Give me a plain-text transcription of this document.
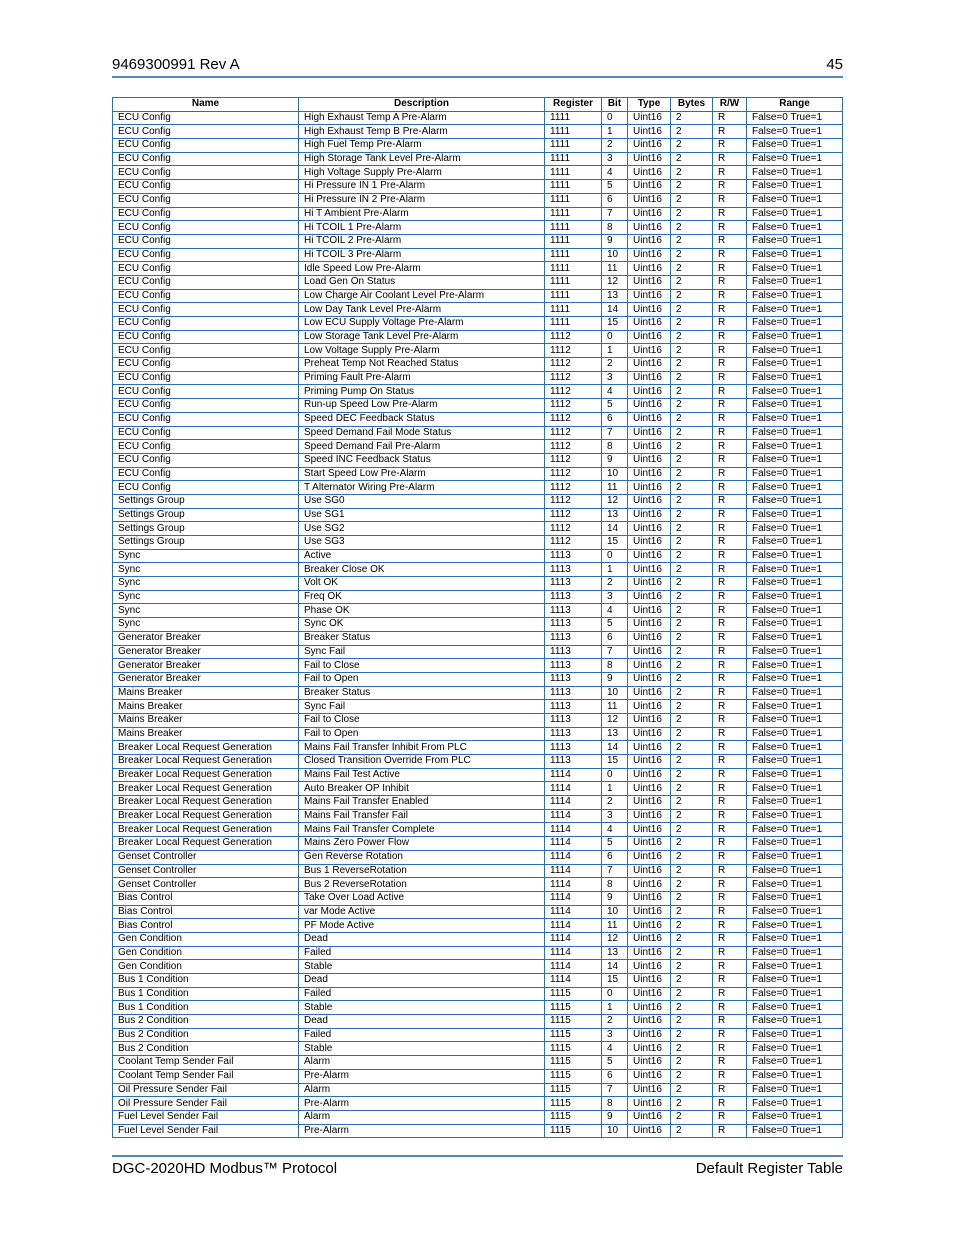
9469300991 Rev A	45
Name	Description	Register	Bit	Type	Bytes	R/W	Range
ECU Config	High Exhaust Temp A Pre-Alarm	1111	0	Uint16	2	R	False=0 True=1
ECU Config	High Exhaust Temp B Pre-Alarm	1111	1	Uint16	2	R	False=0 True=1
ECU Config	High Fuel Temp Pre-Alarm	1111	2	Uint16	2	R	False=0 True=1
ECU Config	High Storage Tank Level Pre-Alarm	1111	3	Uint16	2	R	False=0 True=1
ECU Config	High Voltage Supply Pre-Alarm	1111	4	Uint16	2	R	False=0 True=1
ECU Config	Hi Pressure IN 1 Pre-Alarm	1111	5	Uint16	2	R	False=0 True=1
ECU Config	Hi Pressure IN 2 Pre-Alarm	1111	6	Uint16	2	R	False=0 True=1
ECU Config	Hi T Ambient Pre-Alarm	1111	7	Uint16	2	R	False=0 True=1
ECU Config	Hi TCOIL 1 Pre-Alarm	1111	8	Uint16	2	R	False=0 True=1
ECU Config	Hi TCOIL 2 Pre-Alarm	1111	9	Uint16	2	R	False=0 True=1
ECU Config	Hi TCOIL 3 Pre-Alarm	1111	10	Uint16	2	R	False=0 True=1
ECU Config	Idle Speed Low Pre-Alarm	1111	11	Uint16	2	R	False=0 True=1
ECU Config	Load Gen On Status	1111	12	Uint16	2	R	False=0 True=1
ECU Config	Low Charge Air Coolant Level Pre-Alarm	1111	13	Uint16	2	R	False=0 True=1
ECU Config	Low Day Tank Level Pre-Alarm	1111	14	Uint16	2	R	False=0 True=1
ECU Config	Low ECU Supply Voltage Pre-Alarm	1111	15	Uint16	2	R	False=0 True=1
ECU Config	Low Storage Tank Level Pre-Alarm	1112	0	Uint16	2	R	False=0 True=1
ECU Config	Low Voltage Supply Pre-Alarm	1112	1	Uint16	2	R	False=0 True=1
ECU Config	Preheat Temp Not Reached Status	1112	2	Uint16	2	R	False=0 True=1
ECU Config	Priming Fault Pre-Alarm	1112	3	Uint16	2	R	False=0 True=1
ECU Config	Priming Pump On Status	1112	4	Uint16	2	R	False=0 True=1
ECU Config	Run-up Speed Low Pre-Alarm	1112	5	Uint16	2	R	False=0 True=1
ECU Config	Speed DEC Feedback Status	1112	6	Uint16	2	R	False=0 True=1
ECU Config	Speed Demand Fail Mode Status	1112	7	Uint16	2	R	False=0 True=1
ECU Config	Speed Demand Fail Pre-Alarm	1112	8	Uint16	2	R	False=0 True=1
ECU Config	Speed INC Feedback Status	1112	9	Uint16	2	R	False=0 True=1
ECU Config	Start Speed Low Pre-Alarm	1112	10	Uint16	2	R	False=0 True=1
ECU Config	T Alternator Wiring Pre-Alarm	1112	11	Uint16	2	R	False=0 True=1
Settings Group	Use SG0	1112	12	Uint16	2	R	False=0 True=1
Settings Group	Use SG1	1112	13	Uint16	2	R	False=0 True=1
Settings Group	Use SG2	1112	14	Uint16	2	R	False=0 True=1
Settings Group	Use SG3	1112	15	Uint16	2	R	False=0 True=1
Sync	Active	1113	0	Uint16	2	R	False=0 True=1
Sync	Breaker Close OK	1113	1	Uint16	2	R	False=0 True=1
Sync	Volt OK	1113	2	Uint16	2	R	False=0 True=1
Sync	Freq OK	1113	3	Uint16	2	R	False=0 True=1
Sync	Phase OK	1113	4	Uint16	2	R	False=0 True=1
Sync	Sync OK	1113	5	Uint16	2	R	False=0 True=1
Generator Breaker	Breaker Status	1113	6	Uint16	2	R	False=0 True=1
Generator Breaker	Sync Fail	1113	7	Uint16	2	R	False=0 True=1
Generator Breaker	Fail to Close	1113	8	Uint16	2	R	False=0 True=1
Generator Breaker	Fail to Open	1113	9	Uint16	2	R	False=0 True=1
Mains Breaker	Breaker Status	1113	10	Uint16	2	R	False=0 True=1
Mains Breaker	Sync Fail	1113	11	Uint16	2	R	False=0 True=1
Mains Breaker	Fail to Close	1113	12	Uint16	2	R	False=0 True=1
Mains Breaker	Fail to Open	1113	13	Uint16	2	R	False=0 True=1
Breaker Local Request Generation	Mains Fail Transfer Inhibit From PLC	1113	14	Uint16	2	R	False=0 True=1
Breaker Local Request Generation	Closed Transition Override From PLC	1113	15	Uint16	2	R	False=0 True=1
Breaker Local Request Generation	Mains Fail Test Active	1114	0	Uint16	2	R	False=0 True=1
Breaker Local Request Generation	Auto Breaker OP Inhibit	1114	1	Uint16	2	R	False=0 True=1
Breaker Local Request Generation	Mains Fail Transfer Enabled	1114	2	Uint16	2	R	False=0 True=1
Breaker Local Request Generation	Mains Fail Transfer Fail	1114	3	Uint16	2	R	False=0 True=1
Breaker Local Request Generation	Mains Fail Transfer Complete	1114	4	Uint16	2	R	False=0 True=1
Breaker Local Request Generation	Mains Zero Power Flow	1114	5	Uint16	2	R	False=0 True=1
Genset Controller	Gen Reverse Rotation	1114	6	Uint16	2	R	False=0 True=1
Genset Controller	Bus 1 ReverseRotation	1114	7	Uint16	2	R	False=0 True=1
Genset Controller	Bus 2 ReverseRotation	1114	8	Uint16	2	R	False=0 True=1
Bias Control	Take Over Load Active	1114	9	Uint16	2	R	False=0 True=1
Bias Control	var Mode Active	1114	10	Uint16	2	R	False=0 True=1
Bias Control	PF Mode Active	1114	11	Uint16	2	R	False=0 True=1
Gen Condition	Dead	1114	12	Uint16	2	R	False=0 True=1
Gen Condition	Failed	1114	13	Uint16	2	R	False=0 True=1
Gen Condition	Stable	1114	14	Uint16	2	R	False=0 True=1
Bus 1 Condition	Dead	1114	15	Uint16	2	R	False=0 True=1
Bus 1 Condition	Failed	1115	0	Uint16	2	R	False=0 True=1
Bus 1 Condition	Stable	1115	1	Uint16	2	R	False=0 True=1
Bus 2 Condition	Dead	1115	2	Uint16	2	R	False=0 True=1
Bus 2 Condition	Failed	1115	3	Uint16	2	R	False=0 True=1
Bus 2 Condition	Stable	1115	4	Uint16	2	R	False=0 True=1
Coolant Temp Sender Fail	Alarm	1115	5	Uint16	2	R	False=0 True=1
Coolant Temp Sender Fail	Pre-Alarm	1115	6	Uint16	2	R	False=0 True=1
Oil Pressure Sender Fail	Alarm	1115	7	Uint16	2	R	False=0 True=1
Oil Pressure Sender Fail	Pre-Alarm	1115	8	Uint16	2	R	False=0 True=1
Fuel Level Sender Fail	Alarm	1115	9	Uint16	2	R	False=0 True=1
Fuel Level Sender Fail	Pre-Alarm	1115	10	Uint16	2	R	False=0 True=1
DGC-2020HD Modbus™ Protocol	Default Register Table
